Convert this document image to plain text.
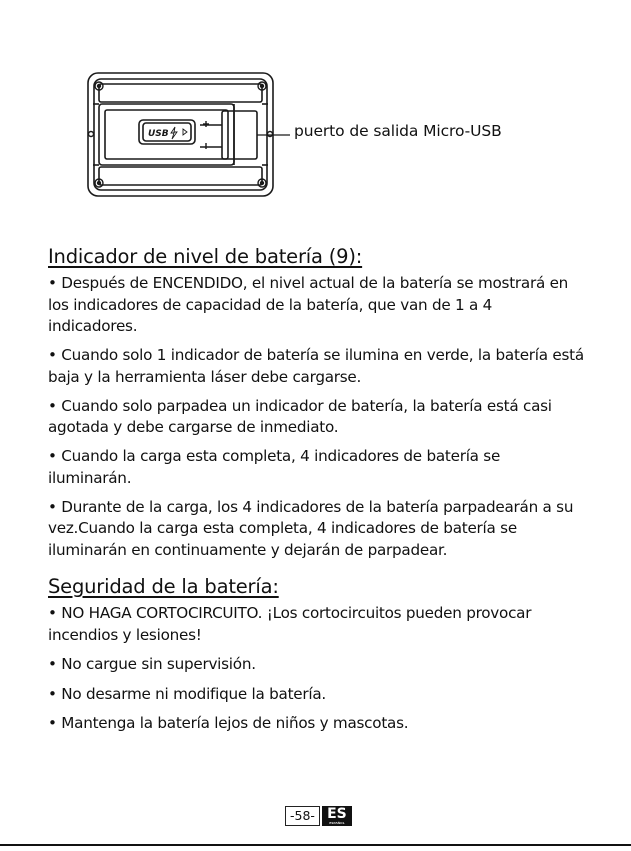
USB	puerto de salida Micro-USB
Indicador de nivel de batería (9):

• Después de ENCENDIDO, el nivel actual de la batería se mostrará en los indicadores de capacidad de la batería, que van de 1 a 4 indicadores.

• Cuando solo 1 indicador de batería se ilumina en verde, la batería está baja y la herramienta láser debe cargarse.

• Cuando solo parpadea un indicador de batería, la batería está casi agotada y debe cargarse de inmediato.

• Cuando la carga esta completa, 4 indicadores de batería se iluminarán.

• Durante de la carga, los 4 indicadores de la batería parpadearán a su vez.Cuando la carga esta completa, 4 indicadores de batería se iluminarán en continuamente y dejarán de parpadear.

Seguridad de la batería:

• NO HAGA CORTOCIRCUITO. ¡Los cortocircuitos pueden provocar incendios y lesiones!

• No cargue sin supervisión.

• No desarme ni modifique la batería.

• Mantenga la batería lejos de niños y mascotas.

-58- ES
ESPAÑOL
